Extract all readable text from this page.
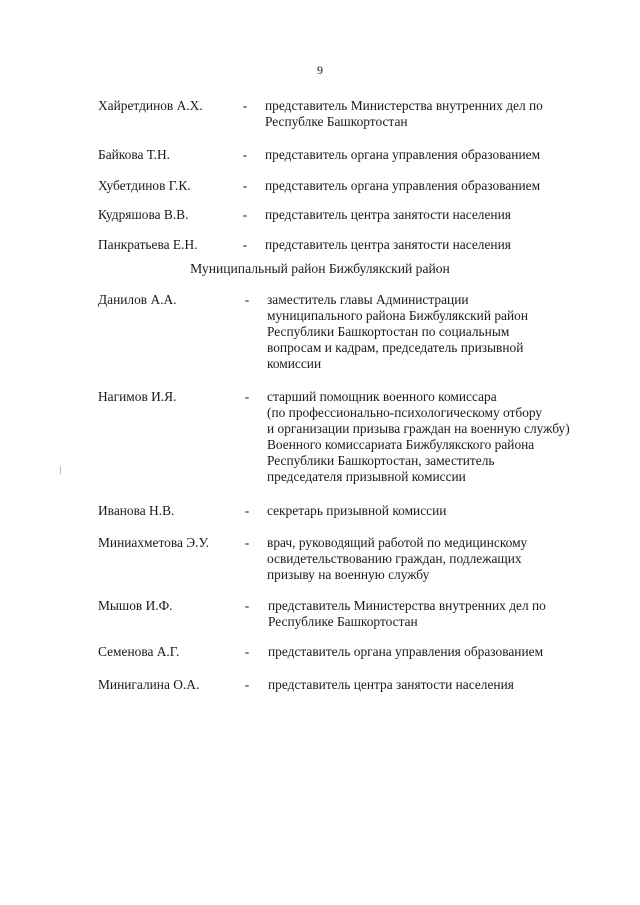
9
Хайретдинов А.Х.	- представитель Министерства внутренних дел по
Республке Башкортостан
Байкова Т.Н.	- представитель органа управления образованием
Хубетдинов Г.К.	- представитель органа управления образованием
Кудряшова В.В.	- представитель центра занятости населения
Панкратьева Е.Н.	- представитель центра занятости населения
Муниципальный район Бижбулякский район
Данилов А.А.	- заместитель главы Администрации
муниципального района Бижбулякский район
Республики Башкортостан по социальным
вопросам и кадрам, председатель призывной
комиссии
Нагимов И.Я.	- старший помощник военного комиссара
(по профессионально-психологическому отбору
и организации призыва граждан на военную службу)
Военного комиссариата Бижбулякского района
Республики Башкортостан, заместитель
председателя призывной комиссии
Иванова Н.В.	- секретарь призывной комиссии
Миниахметова Э.У.	- врач, руководящий работой по медицинскому
освидетельствованию граждан, подлежащих
призыву на военную службу
Мышов И.Ф.	- представитель Министерства внутренних дел по
Республике Башкортостан
Семенова А.Г.	- представитель органа управления образованием
Минигалина О.А.	- представитель центра занятости населения
